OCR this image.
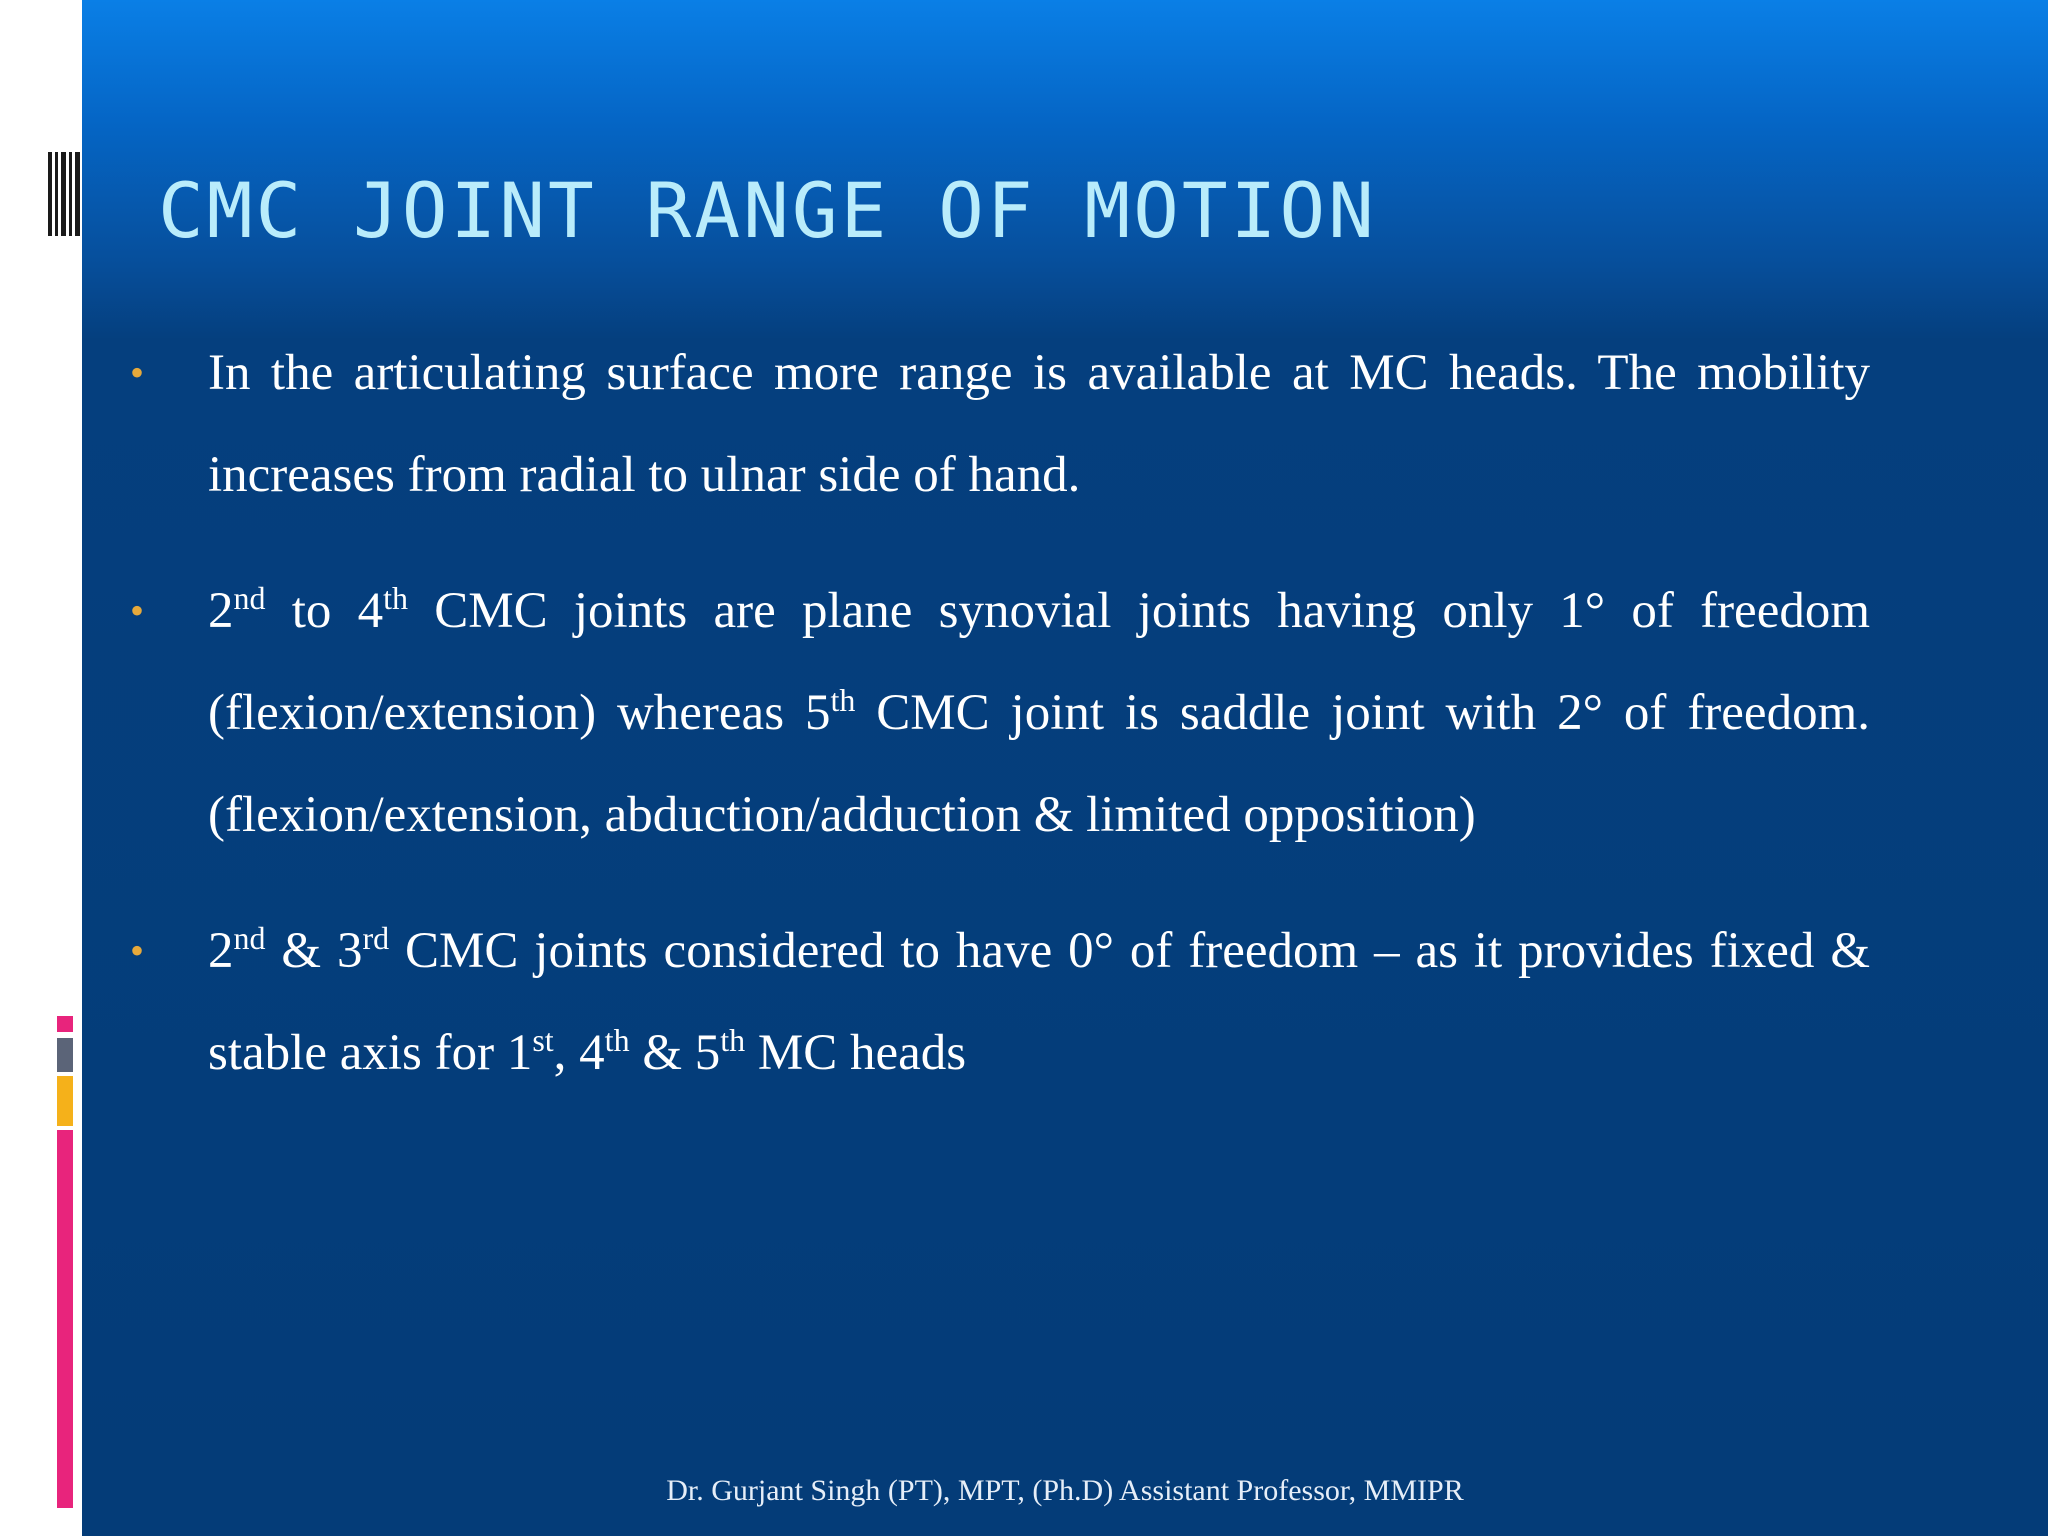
CMC JOINT RANGE OF MOTION
• In the articulating surface more range is available at MC heads. The mobility increases from radial to ulnar side of hand.
• 2nd to 4th CMC joints are plane synovial joints having only 1° of freedom (flexion/extension) whereas 5th CMC joint is saddle joint with 2° of freedom. (flexion/extension, abduction/adduction & limited opposition)
• 2nd & 3rd CMC joints considered to have 0° of freedom – as it provides fixed & stable axis for 1st, 4th & 5th MC heads
Dr. Gurjant Singh (PT), MPT, (Ph.D) Assistant Professor, MMIPR
